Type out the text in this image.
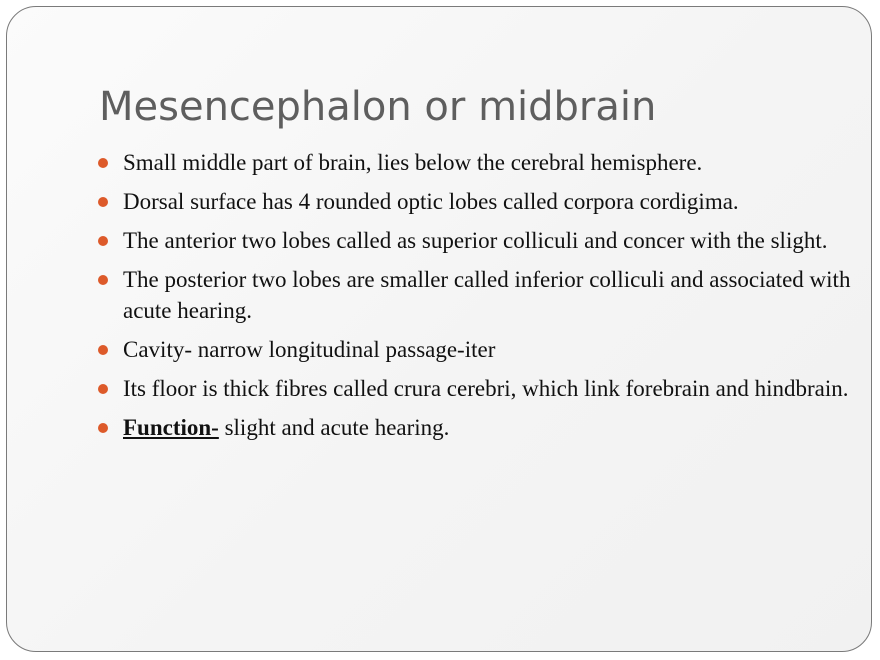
Mesencephalon or midbrain
Small middle part of brain, lies below the cerebral hemisphere.
Dorsal surface has 4 rounded optic lobes called corpora cordigima.
The anterior two lobes called as superior colliculi and concer with the slight.
The posterior two lobes are smaller called inferior colliculi and associated with acute hearing.
Cavity- narrow longitudinal passage-iter
Its floor is thick fibres called crura cerebri, which link forebrain and hindbrain.
Function- slight and acute hearing.
